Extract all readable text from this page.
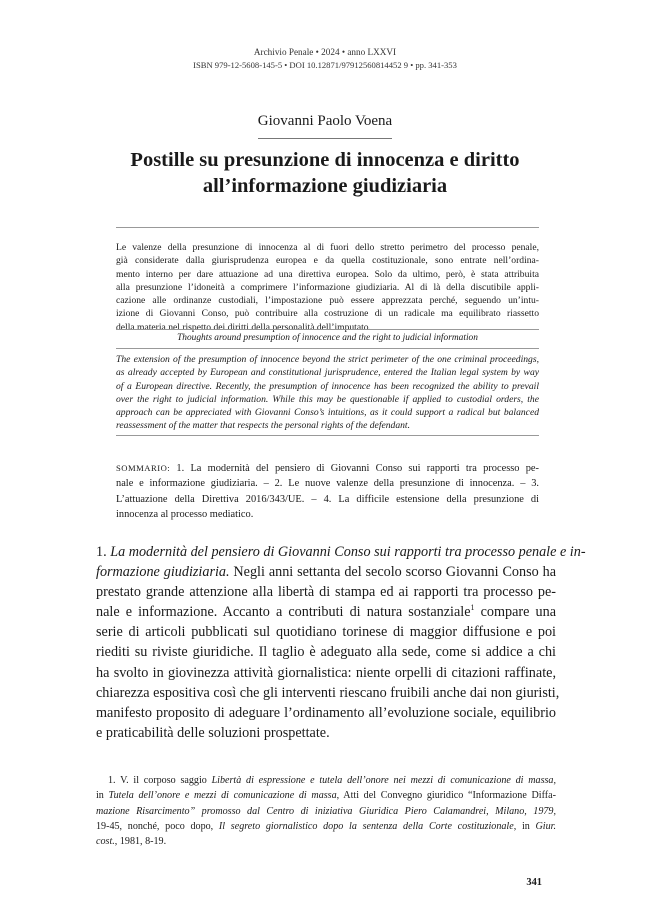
Archivio Penale • 2024 • anno LXXVI
ISBN 979-12-5608-145-5 • DOI 10.12871/97912560814452 9 • pp. 341-353
Giovanni Paolo Voena
Postille su presunzione di innocenza e diritto
all’informazione giudiziaria
Le valenze della presunzione di innocenza al di fuori dello stretto perimetro del processo penale,
già considerate dalla giurisprudenza europea e da quella costituzionale, sono entrate nell’ordina-
mento interno per dare attuazione ad una direttiva europea. Solo da ultimo, però, è stata attribuita
alla presunzione l’idoneità a comprimere l’informazione giudiziaria. Al di là della discutibile appli-
cazione alle ordinanze custodiali, l’impostazione può essere apprezzata perché, seguendo un’intu-
izione di Giovanni Conso, può contribuire alla costruzione di un radicale ma equilibrato riassetto
della materia nel rispetto dei diritti della personalità dell’imputato.
Thoughts around presumption of innocence and the right to judicial information
The extension of the presumption of innocence beyond the strict perimeter of the one criminal proceedings,
as already accepted by European and constitutional jurisprudence, entered the Italian legal system by way
of a European directive. Recently, the presumption of innocence has been recognized the ability to prevail
over the right to judicial information. While this may be questionable if applied to custodial orders, the
approach can be appreciated with Giovanni Conso’s intuitions, as it could support a radical but balanced
reassessment of the matter that respects the personal rights of the defendant.
SOMMARIO: 1. La modernità del pensiero di Giovanni Conso sui rapporti tra processo pe-
nale e informazione giudiziaria. – 2. Le nuove valenze della presunzione di innocenza. – 3.
L’attuazione della Direttiva 2016/343/UE. – 4. La difficile estensione della presunzione di
innocenza al processo mediatico.
1. La modernità del pensiero di Giovanni Conso sui rapporti tra processo penale e in-
formazione giudiziaria. Negli anni settanta del secolo scorso Giovanni Conso ha
prestato grande attenzione alla libertà di stampa ed ai rapporti tra processo pe-
nale e informazione. Accanto a contributi di natura sostanziale$^1$ compare una
serie di articoli pubblicati sul quotidiano torinese di maggior diffusione e poi
riediti su riviste giuridiche. Il taglio è adeguato alla sede, come si addice a chi
ha svolto in giovinezza attività giornalistica: niente orpelli di citazioni raffinate,
chiarezza espositiva così che gli interventi riescano fruibili anche dai non giuristi,
manifesto proposito di adeguare l’ordinamento all’evoluzione sociale, equilibrio
e praticabilità delle soluzioni prospettate.
1. V. il corposo saggio Libertà di espressione e tutela dell’onore nei mezzi di comunicazione di massa,
in Tutela dell’onore e mezzi di comunicazione di massa, Atti del Convegno giuridico “Informazione Diffa-
mazione Risarcimento” promosso dal Centro di iniziativa Giuridica Piero Calamandrei, Milano, 1979,
19-45, nonché, poco dopo, Il segreto giornalistico dopo la sentenza della Corte costituzionale, in Giur.
cost., 1981, 8-19.
341
